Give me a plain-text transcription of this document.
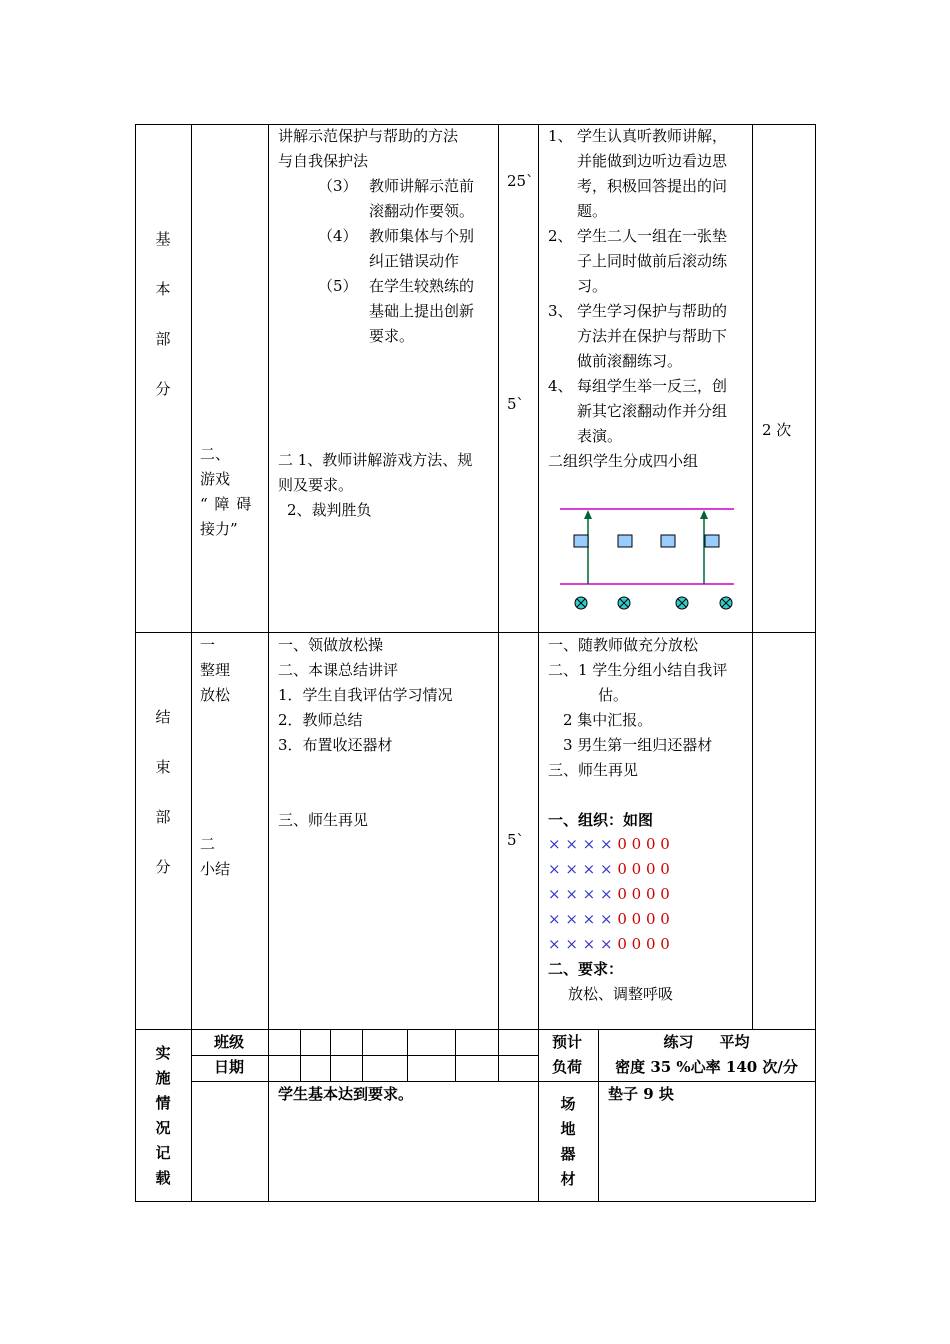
基
本
部
分
二、
游戏
“ 障 碍
接力”
讲解示范保护与帮助的方法
与自我保护法
（3） 教师讲解示范前
滚翻动作要领。
（4） 教师集体与个别
纠正错误动作
（5） 在学生较熟练的
基础上提出创新
要求。
二 1、教师讲解游戏方法、规
则及要求。
2、裁判胜负
25`
5`
1、 学生认真听教师讲解，
并能做到边听边看边思
考，积极回答提出的问
题。
2、 学生二人一组在一张垫
子上同时做前后滚动练
习。
3、 学生学习保护与帮助的
方法并在保护与帮助下
做前滚翻练习。
4、 每组学生举一反三，创
新其它滚翻动作并分组
表演。
二组织学生分成四小组
2 次
结
束
部
分
一
整理
放松
二
小结
一、领做放松操
二、本课总结讲评
1．学生自我评估学习情况
2．教师总结
3．布置收还器材
三、师生再见
5`
一、随教师做充分放松
二、1 学生分组小结自我评
估。
2 集中汇报。
3 男生第一组归还器材
三、师生再见
一、组织：如图
× × × × 0 0 0 0
× × × × 0 0 0 0
× × × × 0 0 0 0
× × × × 0 0 0 0
× × × × 0 0 0 0
二、要求：
放松、调整呼吸
实
施
情
况
记
载
班级
日期
预计
负荷
练习     平均
密度 35 %心率 140 次/分
学生基本达到要求。
场
地
器
材
垫子 9 块
